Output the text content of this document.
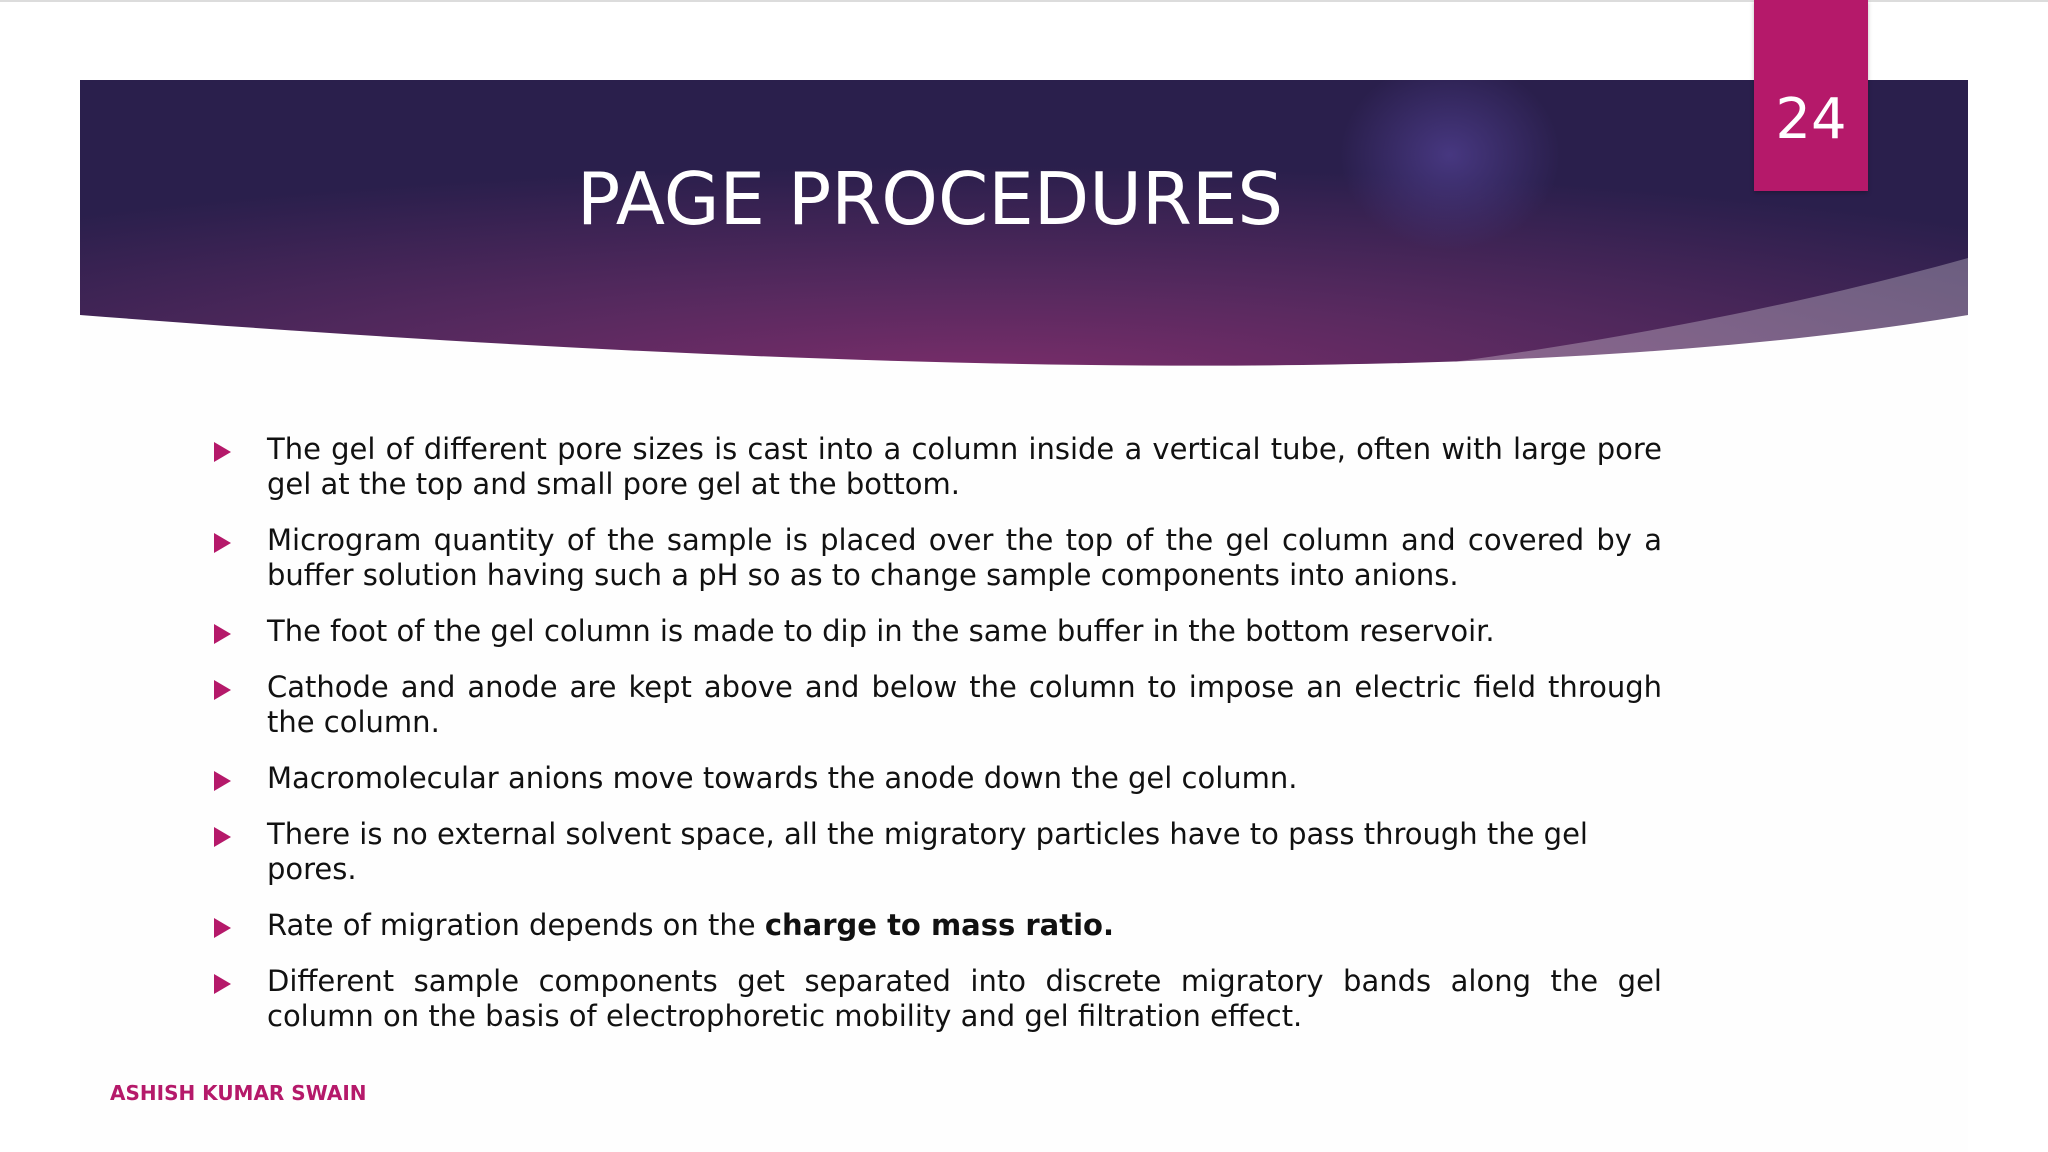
24
PAGE PROCEDURES
The gel of different pore sizes is cast into a column inside a vertical tube, often with large pore gel at the top and small pore gel at the bottom.
Microgram quantity of the sample is placed over the top of the gel column and covered by a buffer solution having such a pH so as to change sample components into anions.
The foot of the gel column is made to dip in the same buffer in the bottom reservoir.
Cathode and anode are kept above and below the column to impose an electric field through the column.
Macromolecular anions move towards the anode down the gel column.
There is no external solvent space, all the migratory particles have to pass through the gel pores.
Rate of migration depends on the charge to mass ratio.
Different sample components get separated into discrete migratory bands along the gel column on the basis of electrophoretic mobility and gel filtration effect.
ASHISH KUMAR SWAIN
